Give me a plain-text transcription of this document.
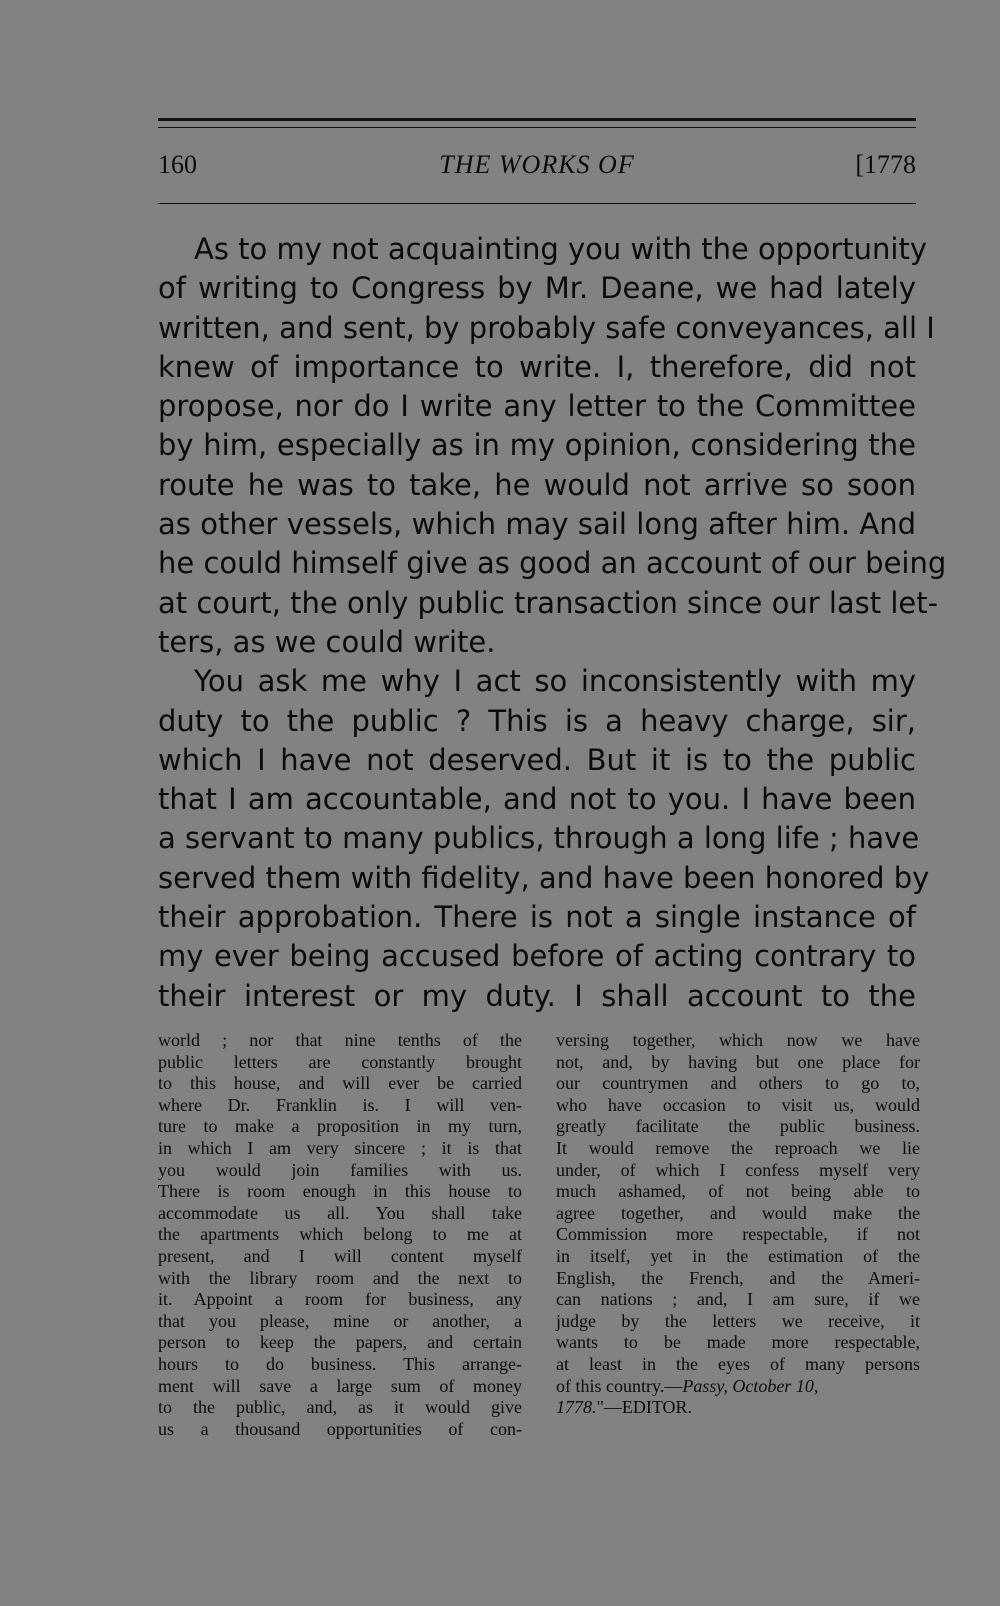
THE WORKS OF
160	[1778

As to my not acquainting you with the opportunity
of writing to Congress by Mr. Deane, we had lately
written, and sent, by probably safe conveyances, all I
knew of importance to write. I, therefore, did not
propose, nor do I write any letter to the Committee
by him, especially as in my opinion, considering the
route he was to take, he would not arrive so soon
as other vessels, which may sail long after him. And
he could himself give as good an account of our being
at court, the only public transaction since our last let-
ters, as we could write.

You ask me why I act so inconsistently with my
duty to the public ? This is a heavy charge, sir,
which I have not deserved. But it is to the public
that I am accountable, and not to you. I have been
a servant to many publics, through a long life ; have
served them with fidelity, and have been honored by
their approbation. There is not a single instance of
my ever being accused before of acting contrary to
their interest or my duty. I shall account to the

world ; nor that nine tenths of the
public letters are constantly brought
to this house, and will ever be carried
where Dr. Franklin is. I will ven-
ture to make a proposition in my turn,
in which I am very sincere ; it is that
you would join families with us.
There is room enough in this house to
accommodate us all. You shall take
the apartments which belong to me at
present, and I will content myself
with the library room and the next to
it. Appoint a room for business, any
that you please, mine or another, a
person to keep the papers, and certain
hours to do business. This arrange-
ment will save a large sum of money
to the public, and, as it would give
us a thousand opportunities of con-
versing together, which now we have
not, and, by having but one place for
our countrymen and others to go to,
who have occasion to visit us, would
greatly facilitate the public business.
It would remove the reproach we lie
under, of which I confess myself very
much ashamed, of not being able to
agree together, and would make the
Commission more respectable, if not
in itself, yet in the estimation of the
English, the French, and the Ameri-
can nations ; and, I am sure, if we
judge by the letters we receive, it
wants to be made more respectable,
at least in the eyes of many persons
of this country.—Passy, October 10,
1778."—EDITOR.
